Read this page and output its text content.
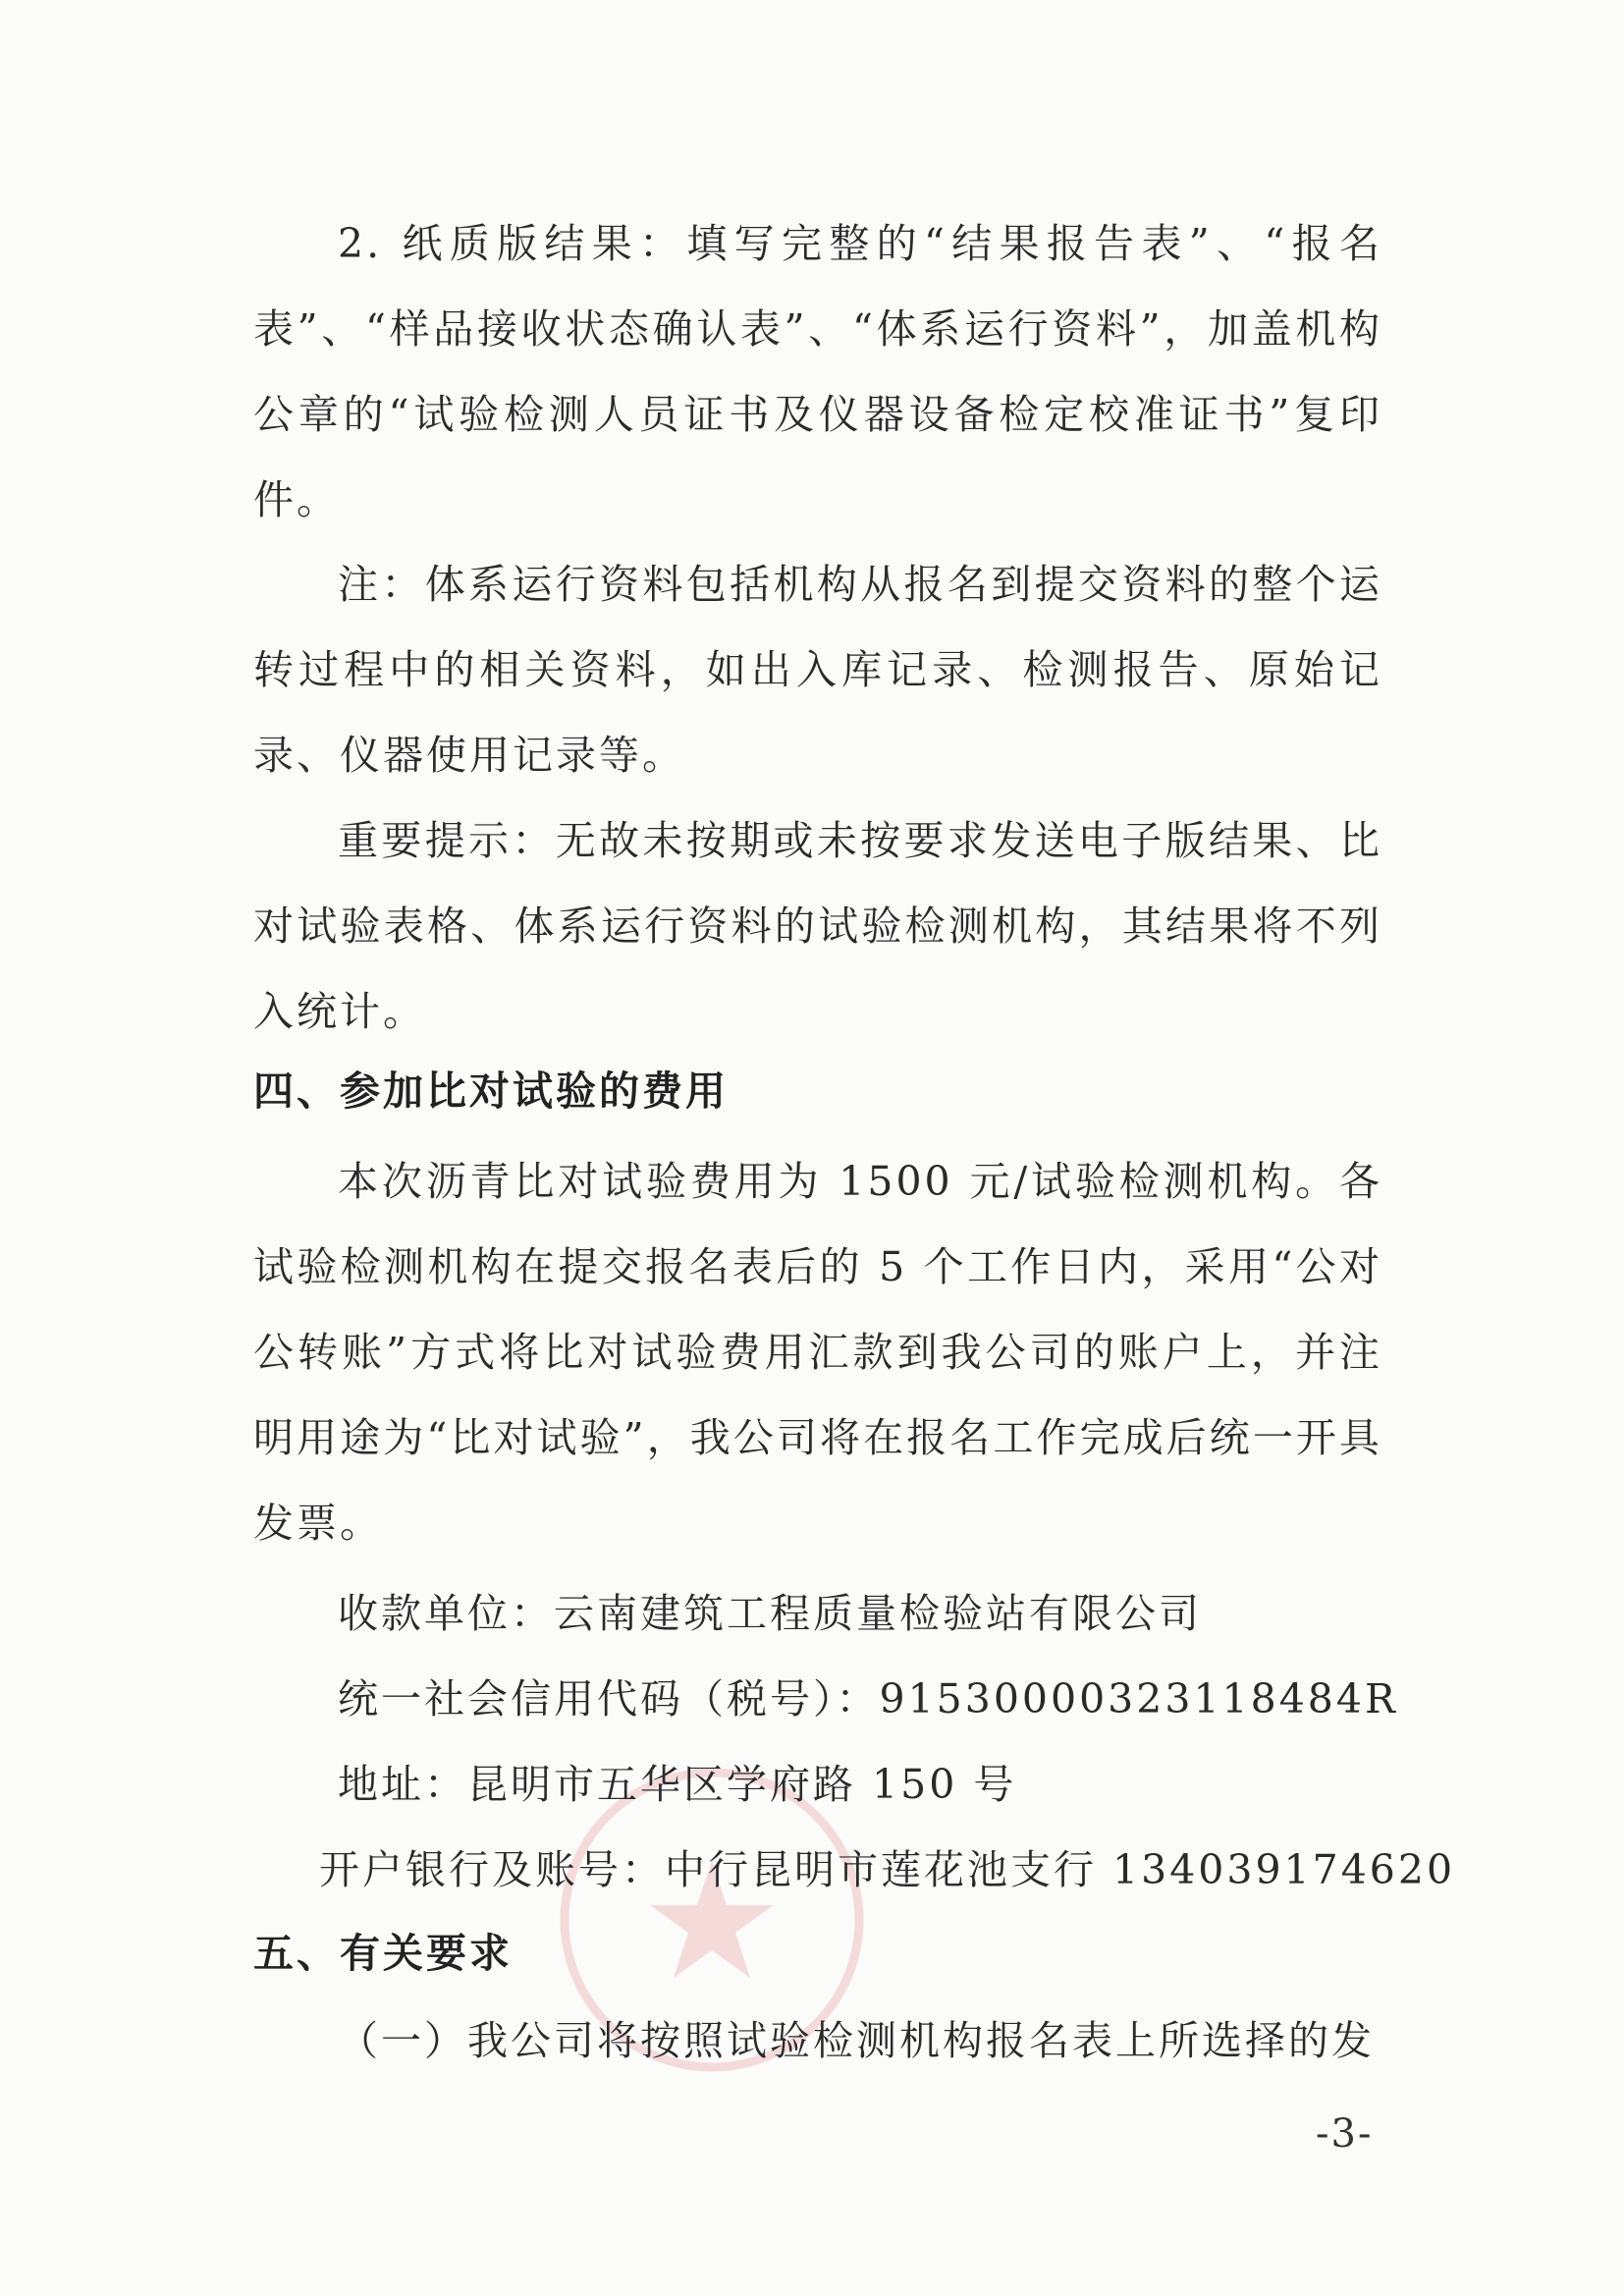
2. 纸质版结果：填写完整的“结果报告表”、“报名表”、“样品接收状态确认表”、“体系运行资料”，加盖机构公章的“试验检测人员证书及仪器设备检定校准证书”复印件。

注：体系运行资料包括机构从报名到提交资料的整个运转过程中的相关资料，如出入库记录、检测报告、原始记录、仪器使用记录等。

重要提示：无故未按期或未按要求发送电子版结果、比对试验表格、体系运行资料的试验检测机构，其结果将不列入统计。

四、参加比对试验的费用

本次沥青比对试验费用为 1500 元/试验检测机构。各试验检测机构在提交报名表后的 5 个工作日内，采用“公对公转账”方式将比对试验费用汇款到我公司的账户上，并注明用途为“比对试验”，我公司将在报名工作完成后统一开具发票。

收款单位：云南建筑工程质量检验站有限公司

统一社会信用代码（税号）：91530000323118484R

地址：昆明市五华区学府路 150 号

开户银行及账号：中行昆明市莲花池支行 134039174620

五、有关要求

（一）我公司将按照试验检测机构报名表上所选择的发

-3-
